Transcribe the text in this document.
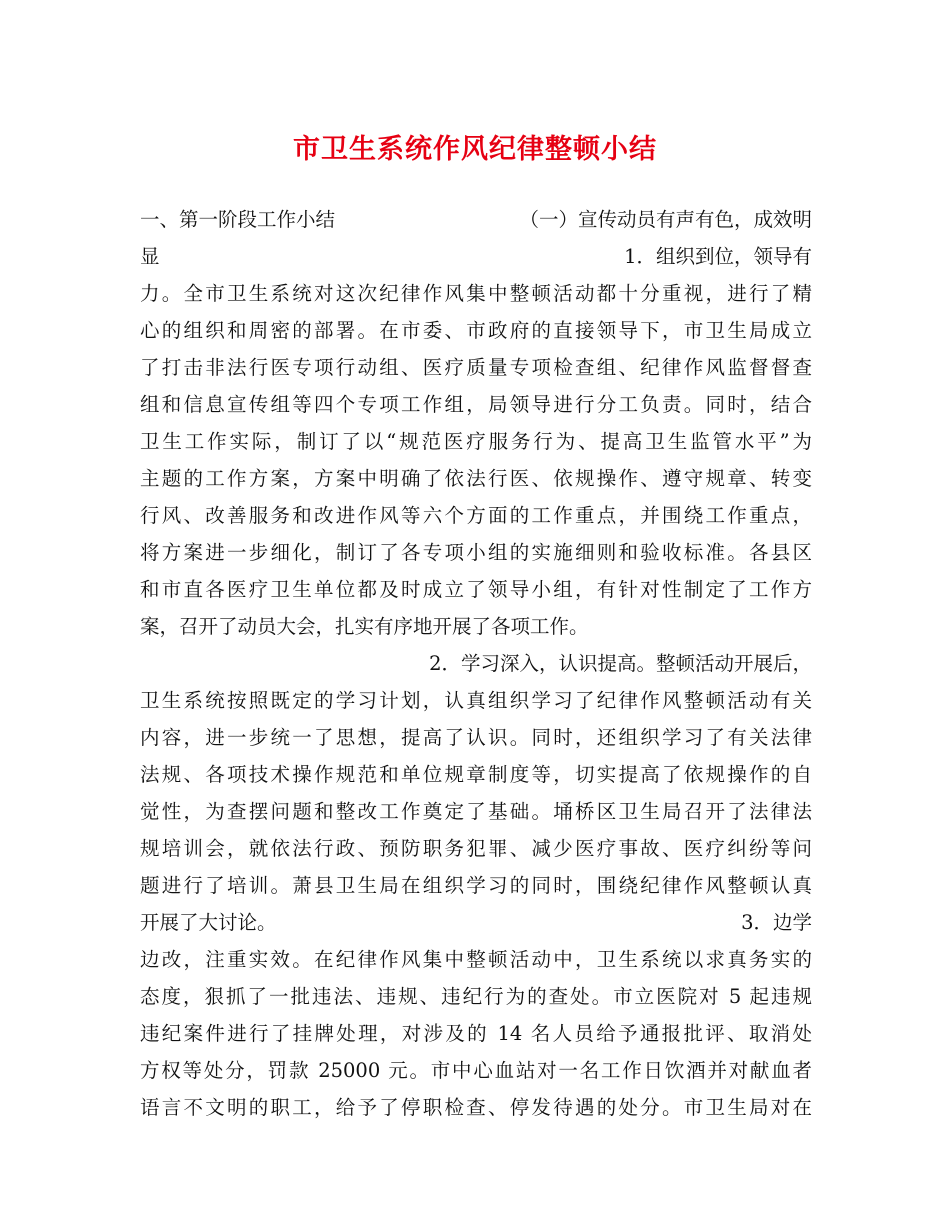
市卫生系统作风纪律整顿小结
一、第一阶段工作小结	（一）宣传动员有声有色，成效明
显	1．组织到位，领导有
力。全市卫生系统对这次纪律作风集中整顿活动都十分重视，进行了精
心的组织和周密的部署。在市委、市政府的直接领导下，市卫生局成立
了打击非法行医专项行动组、医疗质量专项检查组、纪律作风监督督查
组和信息宣传组等四个专项工作组，局领导进行分工负责。同时，结合
卫生工作实际，制订了以“规范医疗服务行为、提高卫生监管水平”为
主题的工作方案，方案中明确了依法行医、依规操作、遵守规章、转变
行风、改善服务和改进作风等六个方面的工作重点，并围绕工作重点，
将方案进一步细化，制订了各专项小组的实施细则和验收标准。各县区
和市直各医疗卫生单位都及时成立了领导小组，有针对性制定了工作方
案，召开了动员大会，扎实有序地开展了各项工作。
2．学习深入，认识提高。整顿活动开展后，
卫生系统按照既定的学习计划，认真组织学习了纪律作风整顿活动有关
内容，进一步统一了思想，提高了认识。同时，还组织学习了有关法律
法规、各项技术操作规范和单位规章制度等，切实提高了依规操作的自
觉性，为查摆问题和整改工作奠定了基础。埇桥区卫生局召开了法律法
规培训会，就依法行政、预防职务犯罪、减少医疗事故、医疗纠纷等问
题进行了培训。萧县卫生局在组织学习的同时，围绕纪律作风整顿认真
开展了大讨论。	3．边学
边改，注重实效。在纪律作风集中整顿活动中，卫生系统以求真务实的
态度，狠抓了一批违法、违规、违纪行为的查处。市立医院对 5 起违规
违纪案件进行了挂牌处理，对涉及的 14 名人员给予通报批评、取消处
方权等处分，罚款 25000 元。市中心血站对一名工作日饮酒并对献血者
语言不文明的职工，给予了停职检查、停发待遇的处分。市卫生局对在
